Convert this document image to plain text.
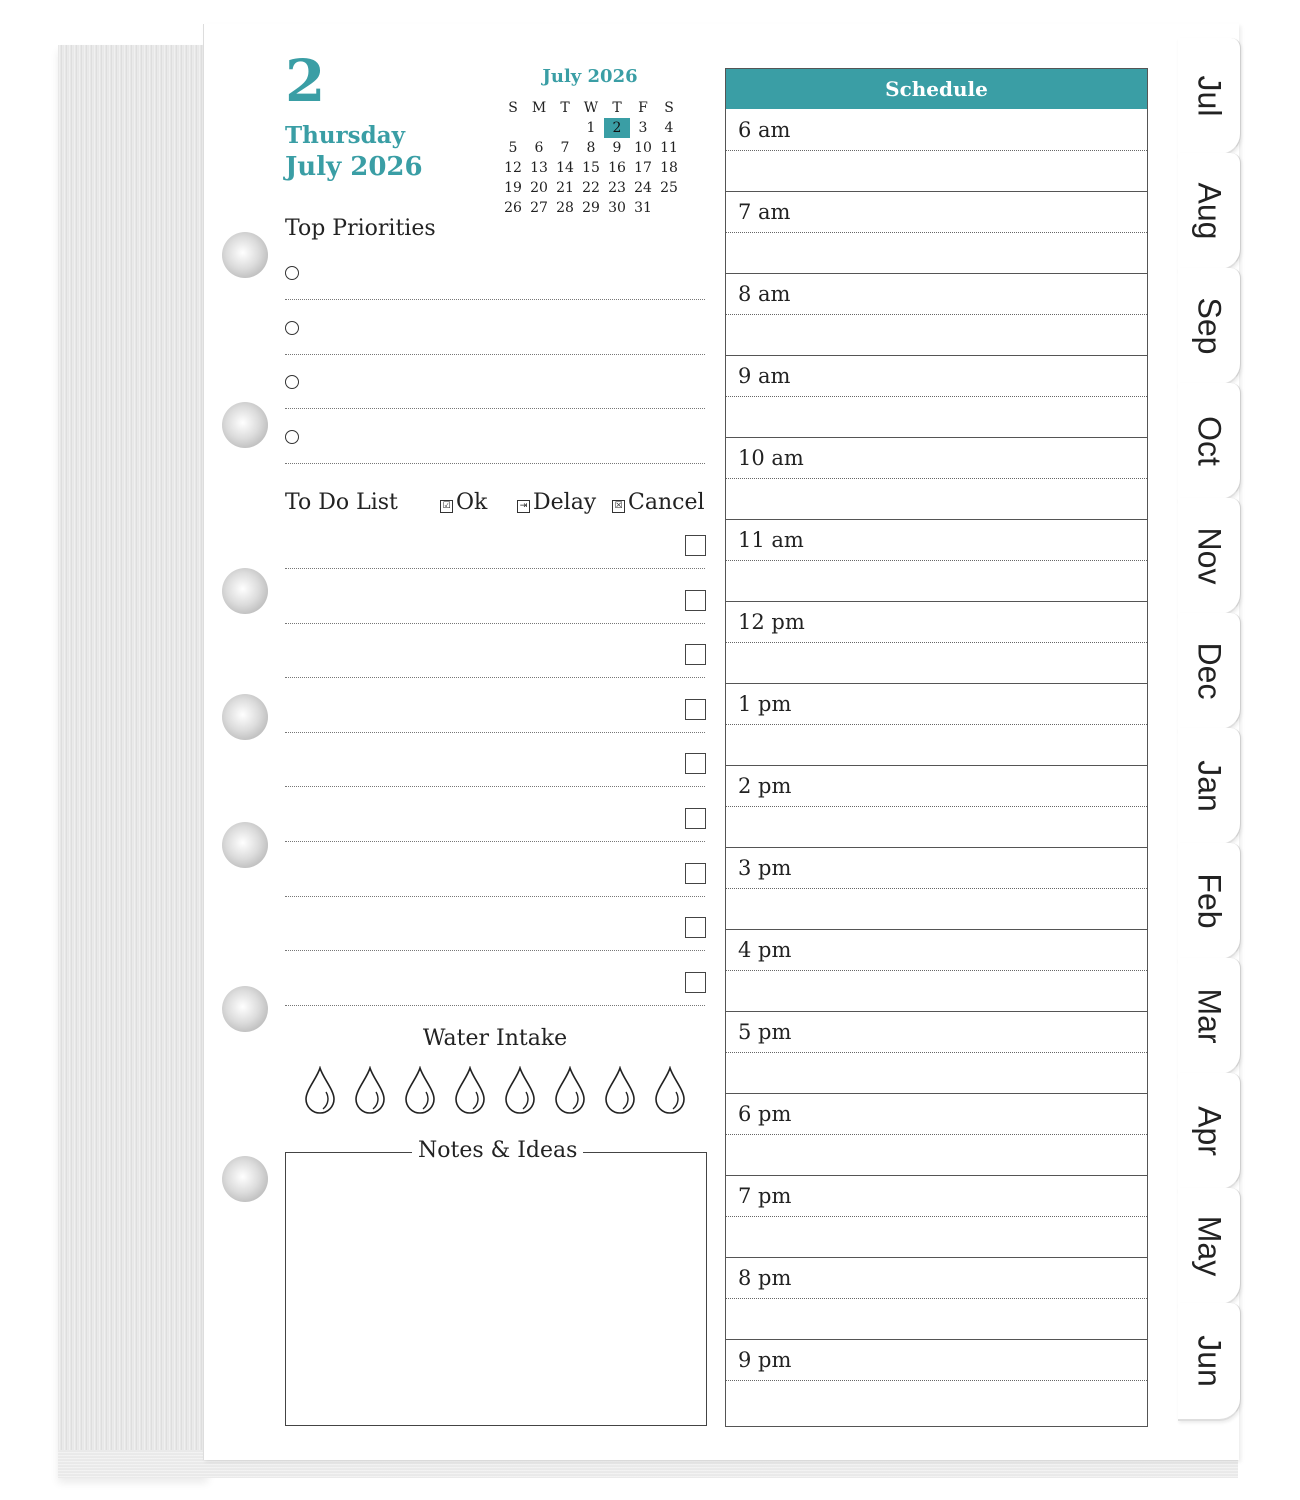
2
Thursday
July 2026
July 2026
S	M	T	W	T	F	S
			1	2	3	4
5	6	7	8	9	10	11
12	13	14	15	16	17	18
19	20	21	22	23	24	25
26	27	28	29	30	31	
Top Priorities
To Do List	☑ Ok	⇥ Delay ☒ Cancel
Water Intake
Notes & Ideas
Schedule
6 am
7 am
8 am
9 am
10 am
11 am
12 pm
1 pm
2 pm
3 pm
4 pm
5 pm
6 pm
7 pm
8 pm
9 pm
Jul
Aug
Sep
Oct
Nov
Dec
Jan
Feb
Mar
Apr
May
Jun
